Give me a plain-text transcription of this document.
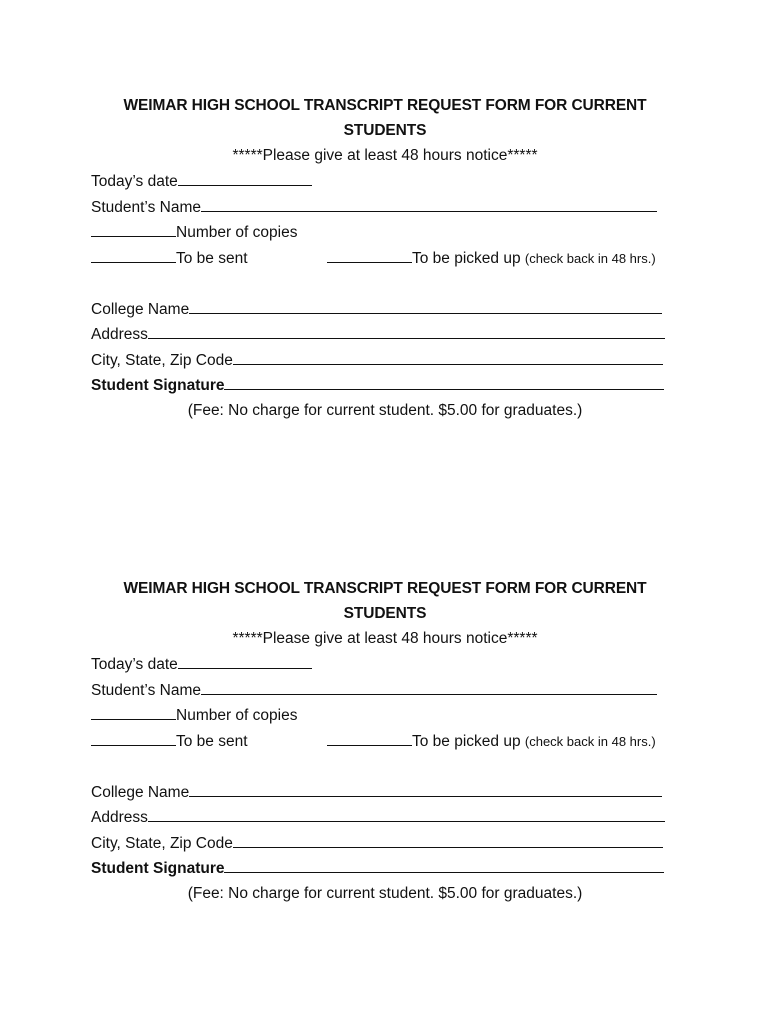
WEIMAR HIGH SCHOOL TRANSCRIPT REQUEST FORM FOR CURRENT STUDENTS
*****Please give at least 48 hours notice*****
Today’s date
Student’s Name
Number of copies
To be sent	To be picked up (check back in 48 hrs.)
College Name
Address
City, State, Zip Code
Student Signature
(Fee: No charge for current student. $5.00 for graduates.)
WEIMAR HIGH SCHOOL TRANSCRIPT REQUEST FORM FOR CURRENT STUDENTS
*****Please give at least 48 hours notice*****
Today’s date
Student’s Name
Number of copies
To be sent	To be picked up (check back in 48 hrs.)
College Name
Address
City, State, Zip Code
Student Signature
(Fee: No charge for current student. $5.00 for graduates.)
